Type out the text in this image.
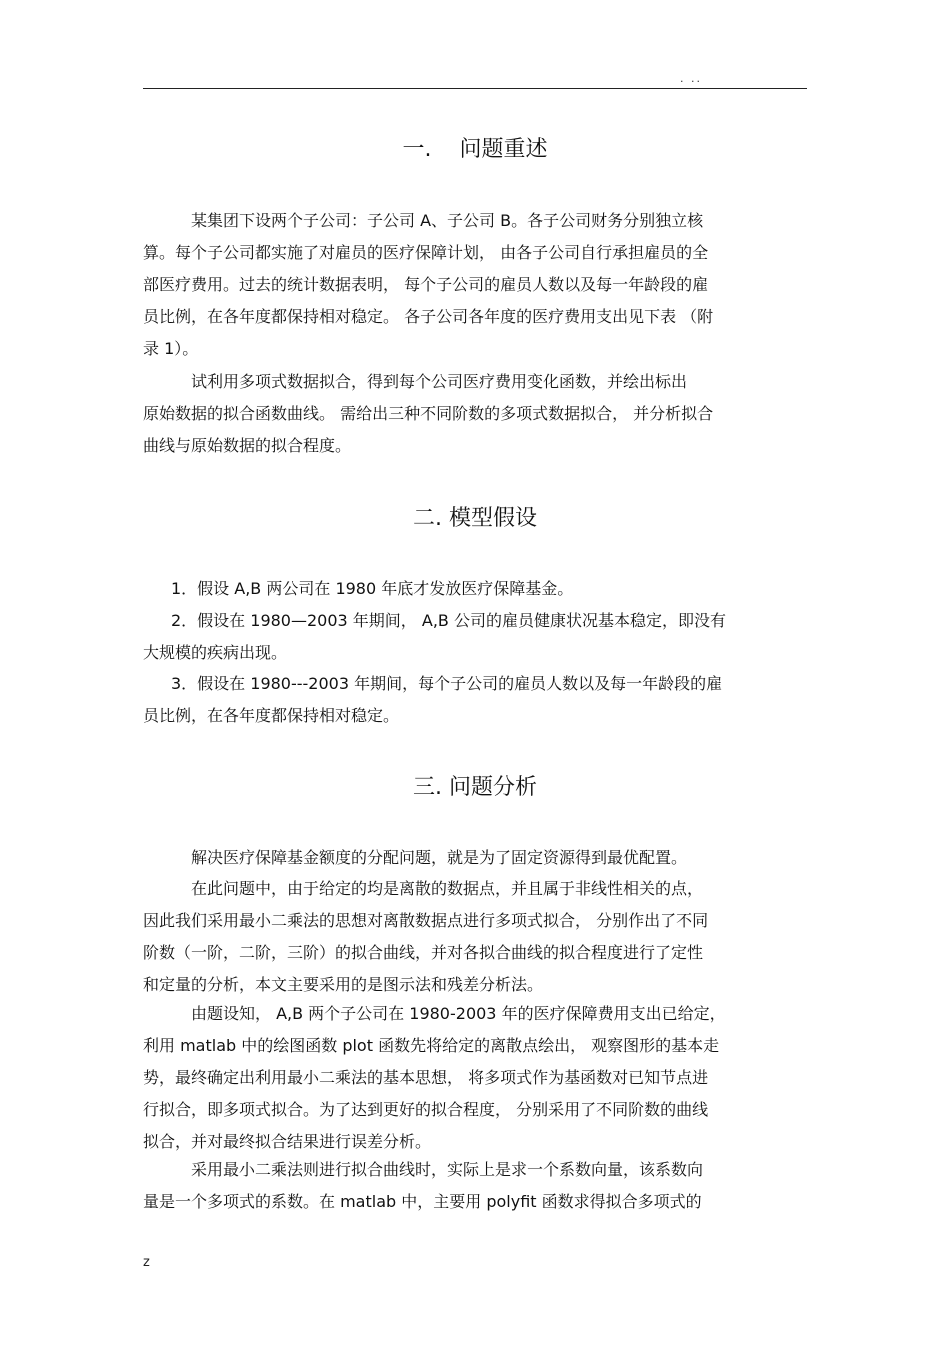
. ..
一.    问题重述

某集团下设两个子公司：子公司 A、子公司 B。各子公司财务分别独立核
算。每个子公司都实施了对雇员的医疗保障计划， 由各子公司自行承担雇员的全
部医疗费用。过去的统计数据表明， 每个子公司的雇员人数以及每一年龄段的雇
员比例，在各年度都保持相对稳定。 各子公司各年度的医疗费用支出见下表 （附
录 1）。

试利用多项式数据拟合，得到每个公司医疗费用变化函数，并绘出标出
原始数据的拟合函数曲线。 需给出三种不同阶数的多项式数据拟合， 并分析拟合
曲线与原始数据的拟合程度。

二. 模型假设

1．假设 A,B 两公司在 1980 年底才发放医疗保障基金。

2．假设在 1980—2003 年期间， A,B 公司的雇员健康状况基本稳定，即没有
大规模的疾病出现。

3．假设在 1980---2003 年期间，每个子公司的雇员人数以及每一年龄段的雇
员比例，在各年度都保持相对稳定。

三. 问题分析

解决医疗保障基金额度的分配问题，就是为了固定资源得到最优配置。

在此问题中，由于给定的均是离散的数据点，并且属于非线性相关的点，
因此我们采用最小二乘法的思想对离散数据点进行多项式拟合， 分别作出了不同
阶数（一阶，二阶，三阶）的拟合曲线，并对各拟合曲线的拟合程度进行了定性
和定量的分析，本文主要采用的是图示法和残差分析法。

由题设知， A,B 两个子公司在 1980-2003 年的医疗保障费用支出已给定，
利用 matlab 中的绘图函数 plot 函数先将给定的离散点绘出， 观察图形的基本走
势，最终确定出利用最小二乘法的基本思想， 将多项式作为基函数对已知节点进
行拟合，即多项式拟合。为了达到更好的拟合程度， 分别采用了不同阶数的曲线
拟合，并对最终拟合结果进行误差分析。

采用最小二乘法则进行拟合曲线时，实际上是求一个系数向量，该系数向
量是一个多项式的系数。在 matlab 中，主要用 polyfit 函数求得拟合多项式的

z
